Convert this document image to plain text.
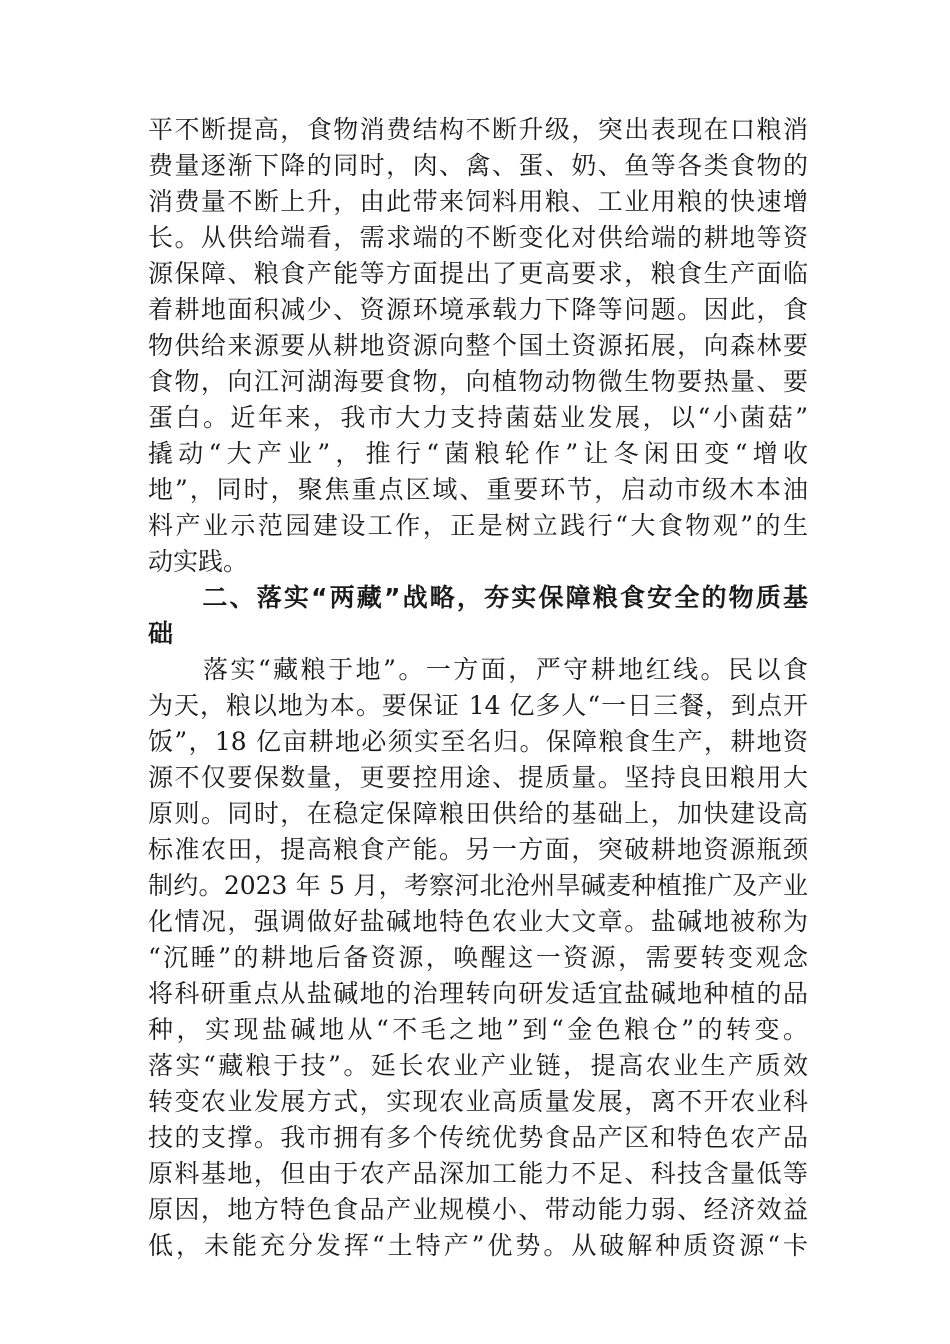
平不断提高，食物消费结构不断升级，突出表现在口粮消
费量逐渐下降的同时，肉、禽、蛋、奶、鱼等各类食物的
消费量不断上升，由此带来饲料用粮、工业用粮的快速增
长。从供给端看，需求端的不断变化对供给端的耕地等资
源保障、粮食产能等方面提出了更高要求，粮食生产面临
着耕地面积减少、资源环境承载力下降等问题。因此，食
物供给来源要从耕地资源向整个国土资源拓展，向森林要
食物，向江河湖海要食物，向植物动物微生物要热量、要
蛋白。近年来，我市大力支持菌菇业发展，以“小菌菇”
撬动“大产业”，推行“菌粮轮作”让冬闲田变“增收
地”，同时，聚焦重点区域、重要环节，启动市级木本油
料产业示范园建设工作，正是树立践行“大食物观”的生
动实践。
　　二、落实“两藏”战略，夯实保障粮食安全的物质基
础
　　落实“藏粮于地”。一方面，严守耕地红线。民以食
为天，粮以地为本。要保证 14 亿多人“一日三餐，到点开
饭”，18 亿亩耕地必须实至名归。保障粮食生产，耕地资
源不仅要保数量，更要控用途、提质量。坚持良田粮用大
原则。同时，在稳定保障粮田供给的基础上，加快建设高
标准农田，提高粮食产能。另一方面，突破耕地资源瓶颈
制约。2023 年 5 月，考察河北沧州旱碱麦种植推广及产业
化情况，强调做好盐碱地特色农业大文章。盐碱地被称为
“沉睡”的耕地后备资源，唤醒这一资源，需要转变观念
将科研重点从盐碱地的治理转向研发适宜盐碱地种植的品
种，实现盐碱地从“不毛之地”到“金色粮仓”的转变。
落实“藏粮于技”。延长农业产业链，提高农业生产质效
转变农业发展方式，实现农业高质量发展，离不开农业科
技的支撑。我市拥有多个传统优势食品产区和特色农产品
原料基地，但由于农产品深加工能力不足、科技含量低等
原因，地方特色食品产业规模小、带动能力弱、经济效益
低，未能充分发挥“土特产”优势。从破解种质资源“卡
